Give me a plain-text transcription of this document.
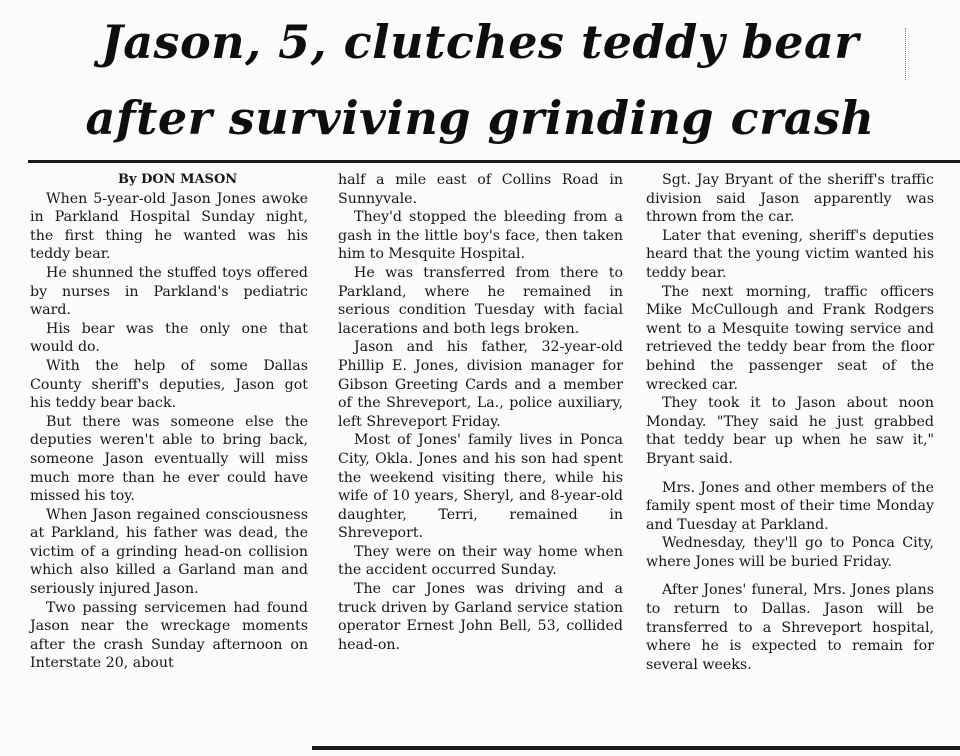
Jason, 5, clutches teddy bear
after surviving grinding crash

By DON MASON

When 5-year-old Jason Jones awoke in Parkland Hospital Sunday night, the first thing he wanted was his teddy bear.

He shunned the stuffed toys offered by nurses in Parkland's pediatric ward.

His bear was the only one that would do.

With the help of some Dallas County sheriff's deputies, Jason got his teddy bear back.

But there was someone else the deputies weren't able to bring back, someone Jason eventually will miss much more than he ever could have missed his toy.

When Jason regained consciousness at Parkland, his father was dead, the victim of a grinding head-on collision which also killed a Garland man and seriously injured Jason.

Two passing servicemen had found Jason near the wreckage moments after the crash Sunday afternoon on Interstate 20, about

half a mile east of Collins Road in Sunnyvale.

They'd stopped the bleeding from a gash in the little boy's face, then taken him to Mesquite Hospital.

He was transferred from there to Parkland, where he remained in serious condition Tuesday with facial lacerations and both legs broken.

Jason and his father, 32-year-old Phillip E. Jones, division manager for Gibson Greeting Cards and a member of the Shreveport, La., police auxiliary, left Shreveport Friday.

Most of Jones' family lives in Ponca City, Okla. Jones and his son had spent the weekend visiting there, while his wife of 10 years, Sheryl, and 8-year-old daughter, Terri, remained in Shreveport.

They were on their way home when the accident occurred Sunday.

The car Jones was driving and a truck driven by Garland service station operator Ernest John Bell, 53, collided head-on.

Sgt. Jay Bryant of the sheriff's traffic division said Jason apparently was thrown from the car.

Later that evening, sheriff's deputies heard that the young victim wanted his teddy bear.

The next morning, traffic officers Mike McCullough and Frank Rodgers went to a Mesquite towing service and retrieved the teddy bear from the floor behind the passenger seat of the wrecked car.

They took it to Jason about noon Monday. "They said he just grabbed that teddy bear up when he saw it," Bryant said.

Mrs. Jones and other members of the family spent most of their time Monday and Tuesday at Parkland.

Wednesday, they'll go to Ponca City, where Jones will be buried Friday.

After Jones' funeral, Mrs. Jones plans to return to Dallas. Jason will be transferred to a Shreveport hospital, where he is expected to remain for several weeks.
